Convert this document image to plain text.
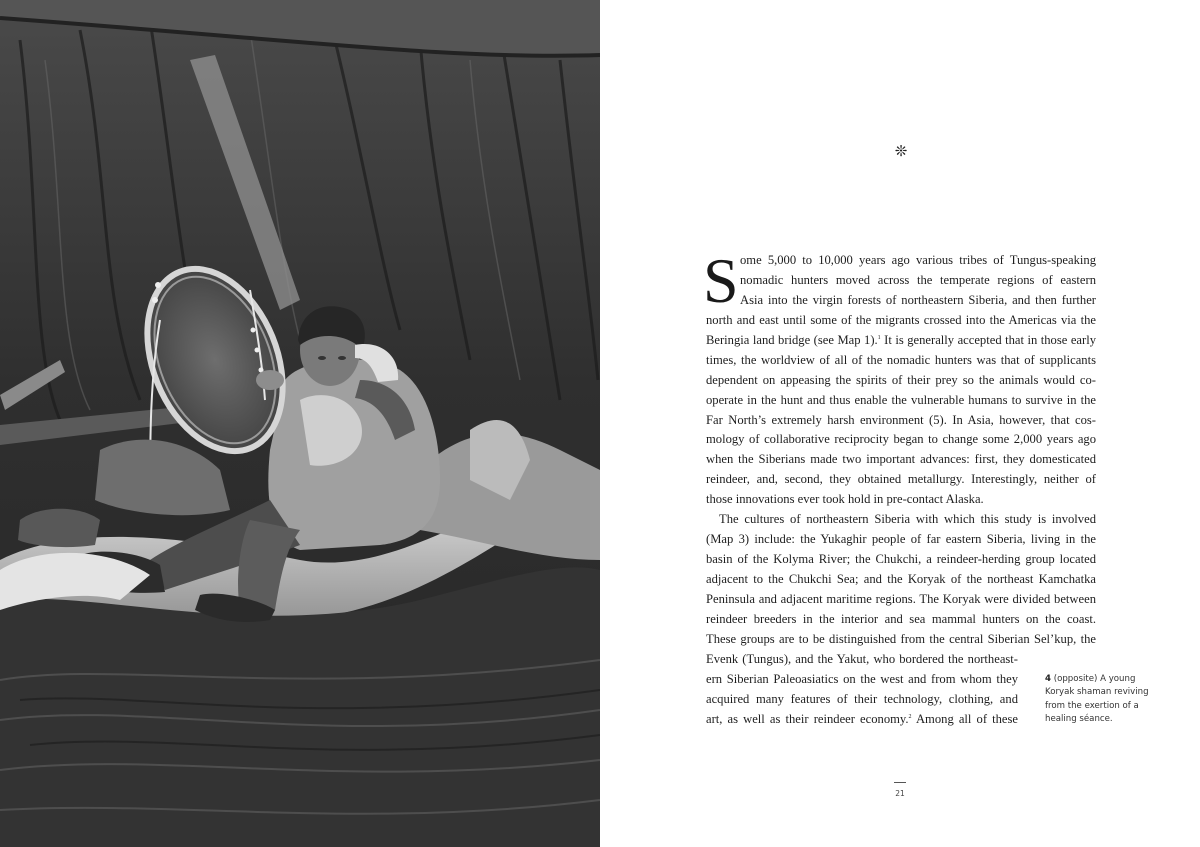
❊
S ome 5,000 to 10,000 years ago various tribes of Tungus-speaking
nomadic hunters moved across the temperate regions of eastern
Asia into the virgin forests of northeastern Siberia, and then further
north and east until some of the migrants crossed into the Americas via the
Beringia land bridge (see Map 1).$^1$ It is generally accepted that in those early
times, the worldview of all of the nomadic hunters was that of supplicants
dependent on appeasing the spirits of their prey so the animals would co-
operate in the hunt and thus enable the vulnerable humans to survive in the
Far North’s extremely harsh environment (5). In Asia, however, that cos-
mology of collaborative reciprocity began to change some 2,000 years ago
when the Siberians made two important advances: first, they domesticated
reindeer, and, second, they obtained metallurgy. Interestingly, neither of
those innovations ever took hold in pre-contact Alaska.
The cultures of northeastern Siberia with which this study is involved
(Map 3) include: the Yukaghir people of far eastern Siberia, living in the
basin of the Kolyma River; the Chukchi, a reindeer-herding group located
adjacent to the Chukchi Sea; and the Koryak of the northeast Kamchatka
Peninsula and adjacent maritime regions. The Koryak were divided between
reindeer breeders in the interior and sea mammal hunters on the coast.
These groups are to be distinguished from the central Siberian Sel’kup, the
Evenk (Tungus), and the Yakut, who bordered the northeast-
ern Siberian Paleoasiatics on the west and from whom they
acquired many features of their technology, clothing, and
art, as well as their reindeer economy.$^2$ Among all of these
4 (opposite) A young Koryak shaman reviving from the exertion of a healing séance.
21
